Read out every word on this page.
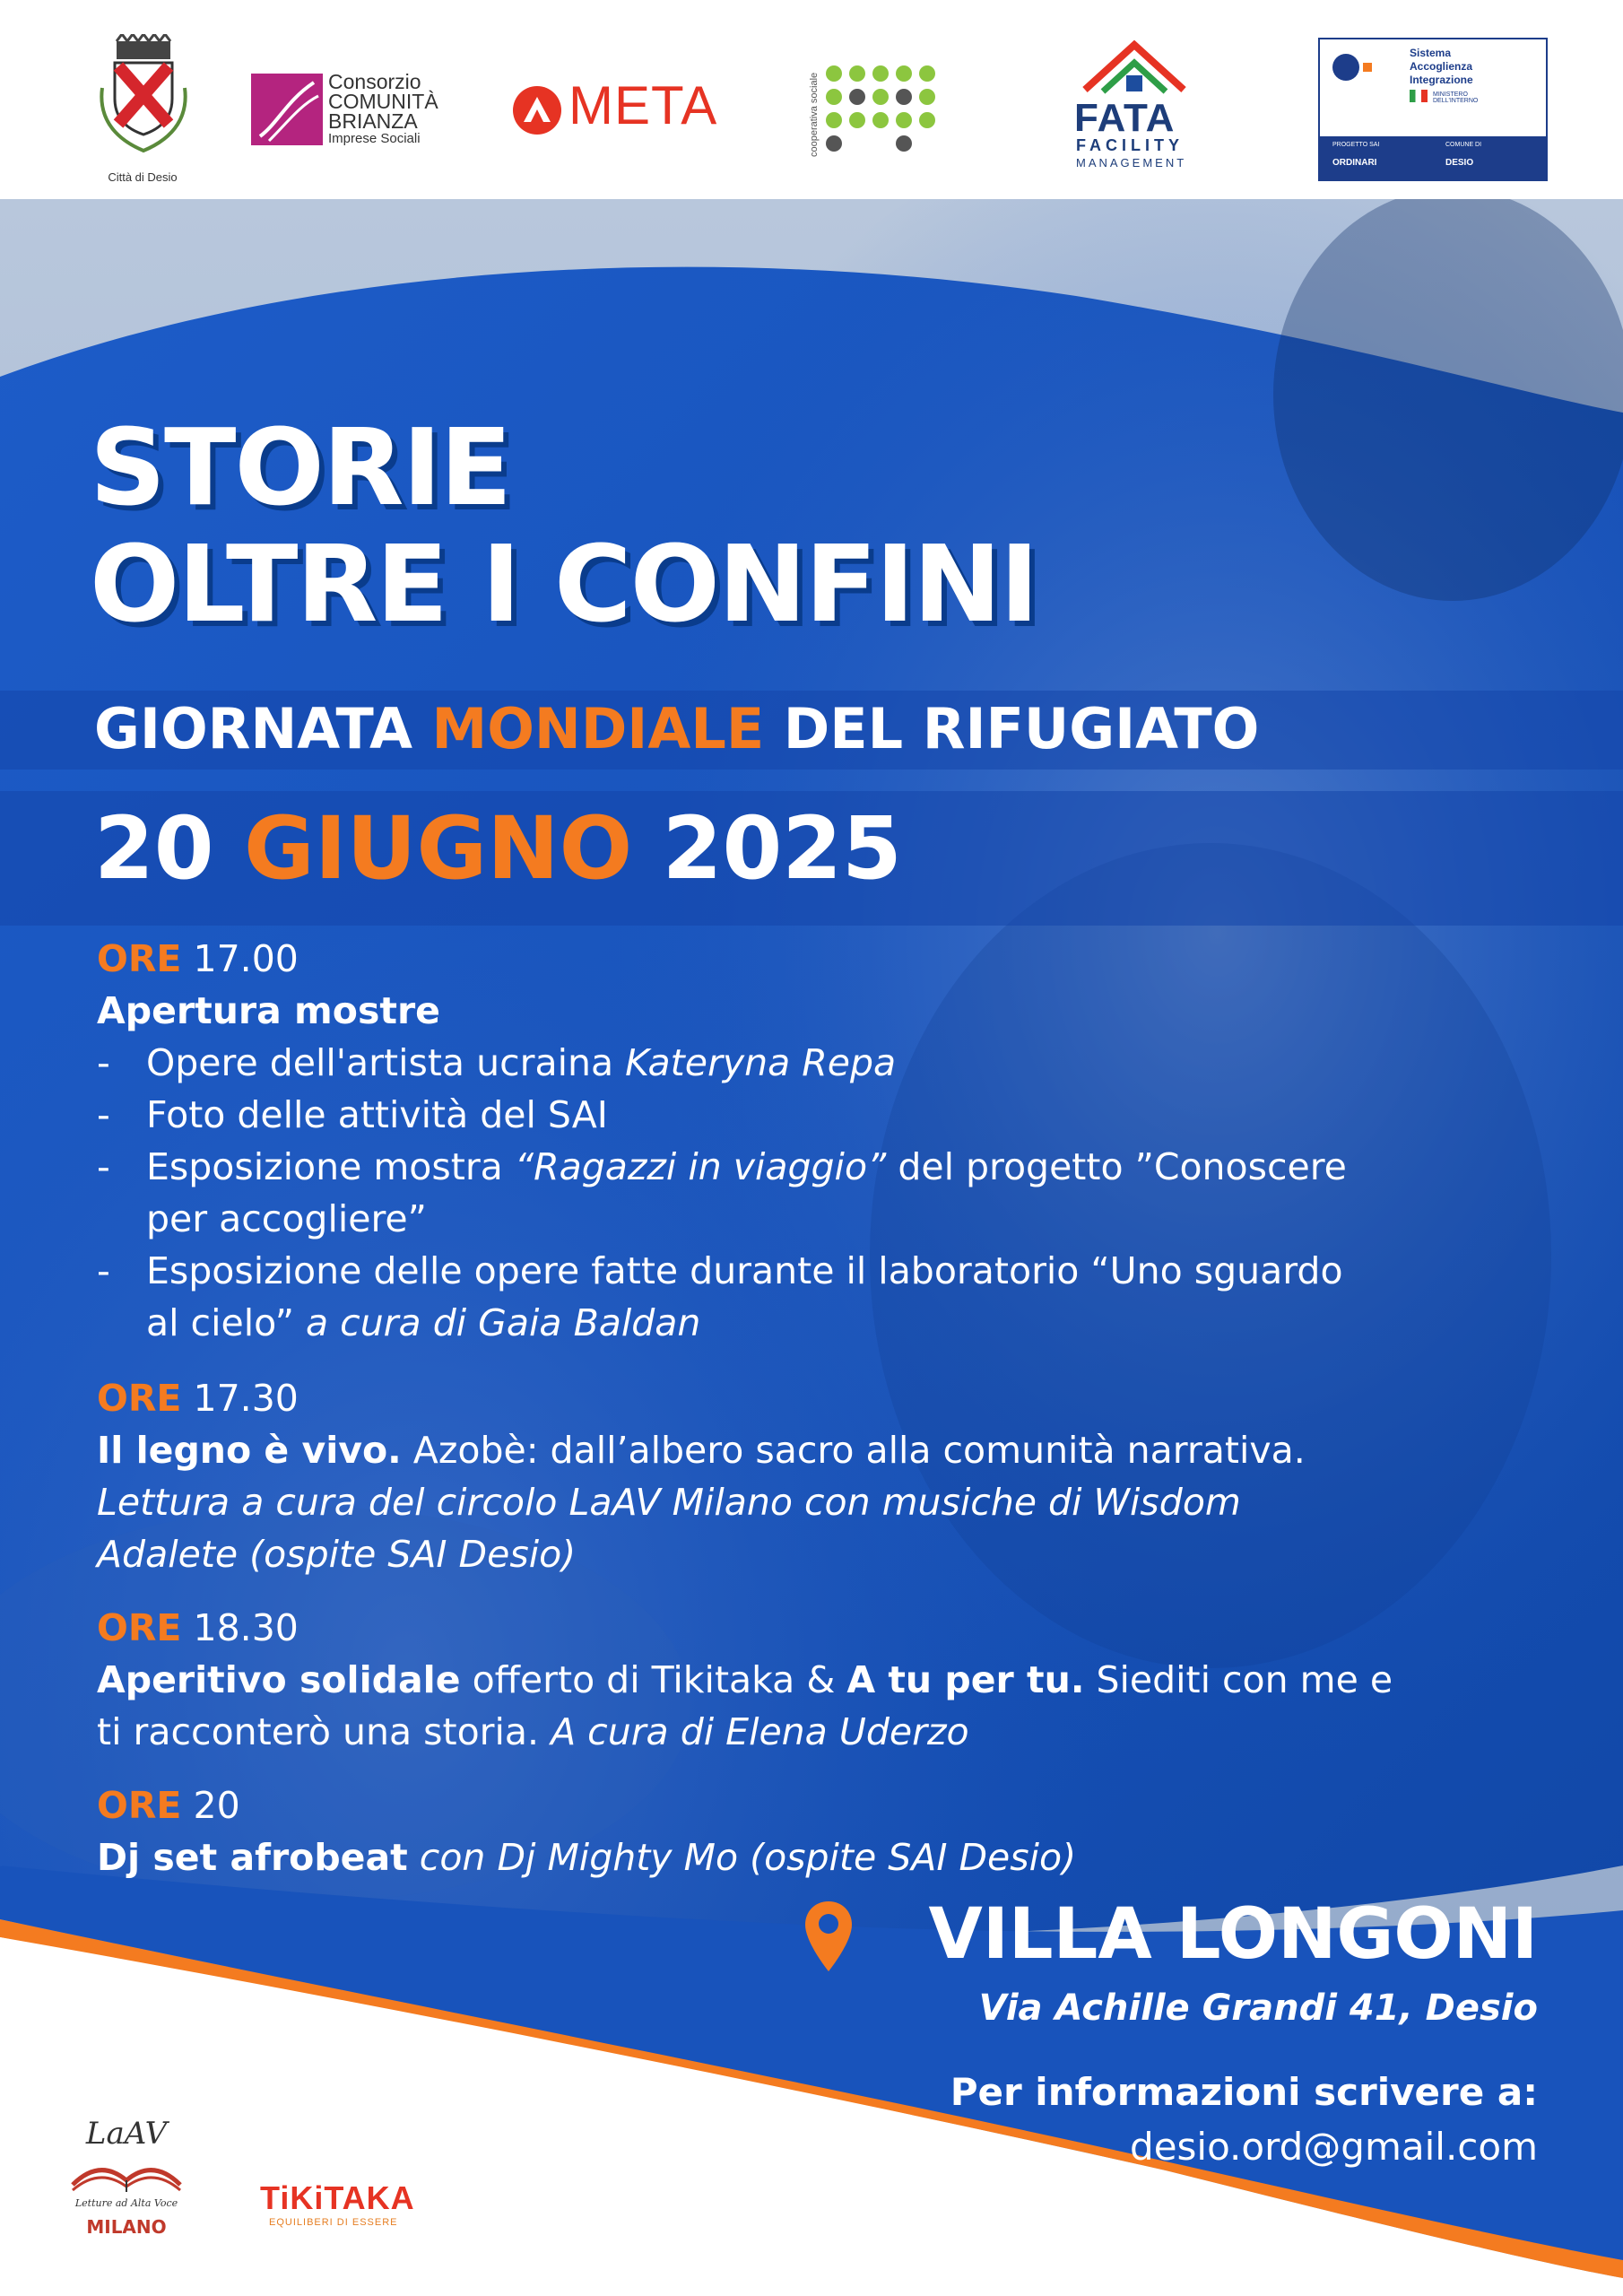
Città di Desio
Consorzio
COMUNITÀ
BRIANZA
Imprese Sociali
META	cooperativa sociale	FATA
FACILITY
MANAGEMENT
Sistema
Accoglienza
Integrazione
MINISTERO DELL'INTERNO
PROGETTO SAI	COMUNE DI
ORDINARI	DESIO
STORIE
OLTRE I CONFINI
GIORNATA MONDIALE DEL RIFUGIATO
20 GIUGNO 2025
ORE 17.00
Apertura mostre
- Opere dell'artista ucraina Kateryna Repa
- Foto delle attività del SAI
- Esposizione mostra “Ragazzi in viaggio” del progetto ”Conoscere
per accogliere”
- Esposizione delle opere fatte durante il laboratorio “Uno sguardo
al cielo” a cura di Gaia Baldan
ORE 17.30
Il legno è vivo. Azobè: dall’albero sacro alla comunità narrativa.
Lettura a cura del circolo LaAV Milano con musiche di Wisdom
Adalete (ospite SAI Desio)
ORE 18.30
Aperitivo solidale offerto di Tikitaka & A tu per tu. Siediti con me e
ti racconterò una storia. A cura di Elena Uderzo
ORE 20
Dj set afrobeat con Dj Mighty Mo (ospite SAI Desio)
VILLA LONGONI
Via Achille Grandi 41, Desio
Per informazioni scrivere a:
desio.ord@gmail.com
LaAV
Letture ad Alta Voce
MILANO
TiKiTAKA
EQUILIBERI DI ESSERE
